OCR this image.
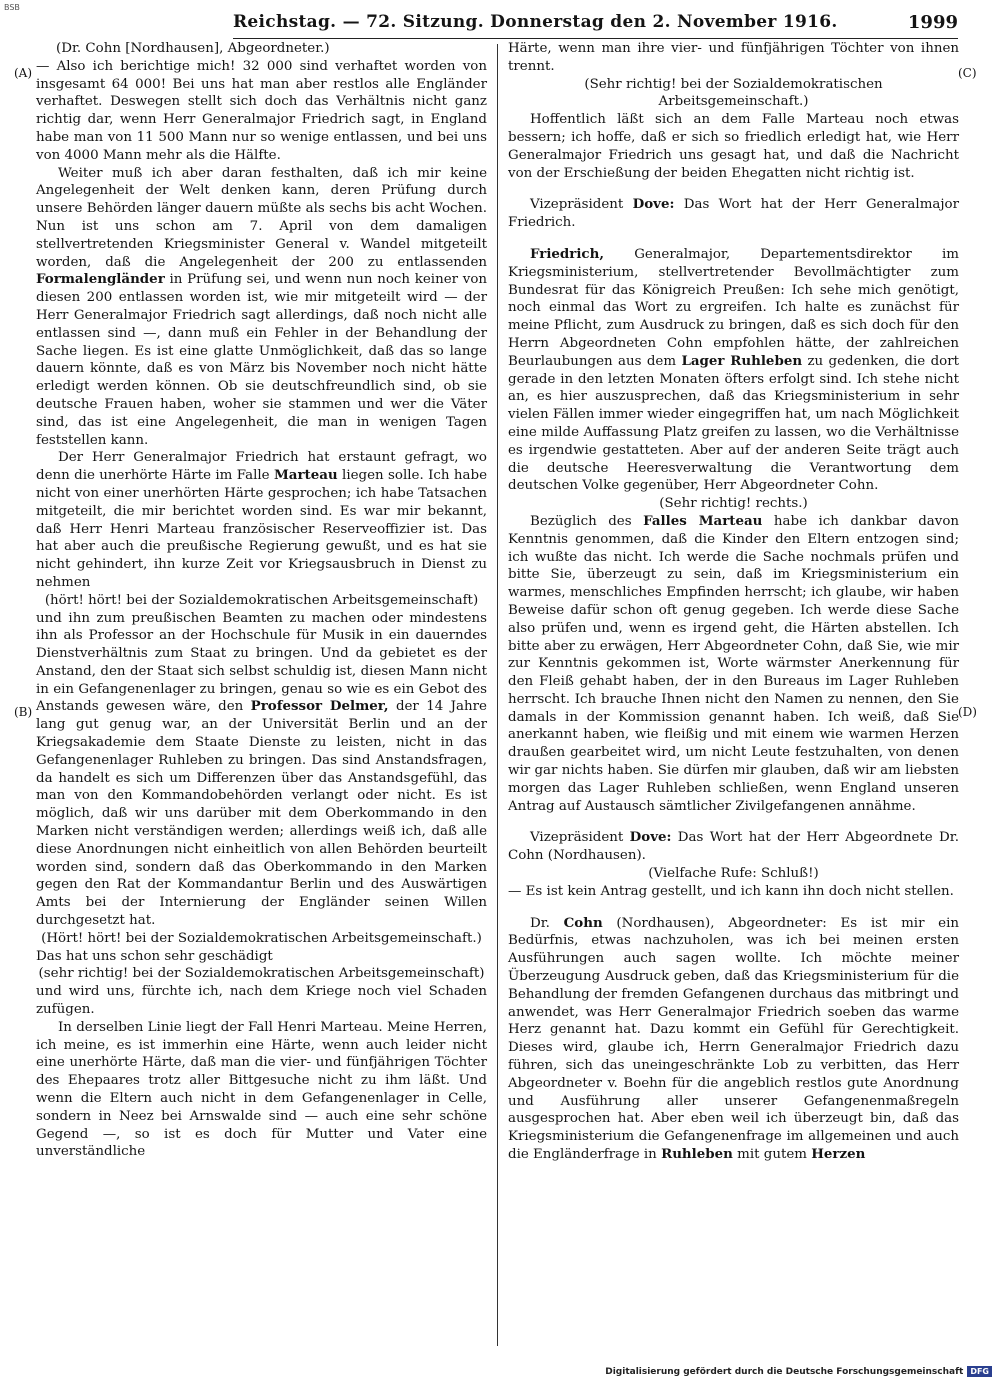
BSB
Reichstag. — 72. Sitzung. Donnerstag den 2. November 1916.	1999
(A)
(B)
(C)
(D)

(Dr. Cohn [Nordhausen], Abgeordneter.)

— Also ich berichtige mich! 32 000 sind verhaftet worden von insgesamt 64 000! Bei uns hat man aber restlos alle Engländer verhaftet. Deswegen stellt sich doch das Verhältnis nicht ganz richtig dar, wenn Herr Generalmajor Friedrich sagt, in England habe man von 11 500 Mann nur so wenige entlassen, und bei uns von 4000 Mann mehr als die Hälfte.

Weiter muß ich aber daran festhalten, daß ich mir keine Angelegenheit der Welt denken kann, deren Prüfung durch unsere Behörden länger dauern müßte als sechs bis acht Wochen. Nun ist uns schon am 7. April von dem damaligen stellvertretenden Kriegsminister General v. Wandel mitgeteilt worden, daß die Angelegenheit der 200 zu entlassenden Formalengländer in Prüfung sei, und wenn nun noch keiner von diesen 200 entlassen worden ist, wie mir mitgeteilt wird — der Herr Generalmajor Friedrich sagt allerdings, daß noch nicht alle entlassen sind —, dann muß ein Fehler in der Behandlung der Sache liegen. Es ist eine glatte Unmöglichkeit, daß das so lange dauern könnte, daß es von März bis November noch nicht hätte erledigt werden können. Ob sie deutschfreundlich sind, ob sie deutsche Frauen haben, woher sie stammen und wer die Väter sind, das ist eine Angelegenheit, die man in wenigen Tagen feststellen kann.

Der Herr Generalmajor Friedrich hat erstaunt gefragt, wo denn die unerhörte Härte im Falle Marteau liegen solle. Ich habe nicht von einer unerhörten Härte gesprochen; ich habe Tatsachen mitgeteilt, die mir berichtet worden sind. Es war mir bekannt, daß Herr Henri Marteau französischer Reserveoffizier ist. Das hat aber auch die preußische Regierung gewußt, und es hat sie nicht gehindert, ihn kurze Zeit vor Kriegsausbruch in Dienst zu nehmen

(hört! hört! bei der Sozialdemokratischen Arbeitsgemeinschaft)

und ihn zum preußischen Beamten zu machen oder mindestens ihn als Professor an der Hochschule für Musik in ein dauerndes Dienstverhältnis zum Staat zu bringen. Und da gebietet es der Anstand, den der Staat sich selbst schuldig ist, diesen Mann nicht in ein Gefangenenlager zu bringen, genau so wie es ein Gebot des Anstands gewesen wäre, den Professor Delmer, der 14 Jahre lang gut genug war, an der Universität Berlin und an der Kriegsakademie dem Staate Dienste zu leisten, nicht in das Gefangenenlager Ruhleben zu bringen. Das sind Anstandsfragen, da handelt es sich um Differenzen über das Anstandsgefühl, das man von den Kommandobehörden verlangt oder nicht. Es ist möglich, daß wir uns darüber mit dem Oberkommando in den Marken nicht verständigen werden; allerdings weiß ich, daß alle diese Anordnungen nicht einheitlich von allen Behörden beurteilt worden sind, sondern daß das Oberkommando in den Marken gegen den Rat der Kommandantur Berlin und des Auswärtigen Amts bei der Internierung der Engländer seinen Willen durchgesetzt hat.

(Hört! hört! bei der Sozialdemokratischen Arbeitsgemeinschaft.)

Das hat uns schon sehr geschädigt

(sehr richtig! bei der Sozialdemokratischen Arbeitsgemeinschaft)

und wird uns, fürchte ich, nach dem Kriege noch viel Schaden zufügen.

In derselben Linie liegt der Fall Henri Marteau. Meine Herren, ich meine, es ist immerhin eine Härte, wenn auch leider nicht eine unerhörte Härte, daß man die vier- und fünfjährigen Töchter des Ehepaares trotz aller Bittgesuche nicht zu ihm läßt. Und wenn die Eltern auch nicht in dem Gefangenenlager in Celle, sondern in Neez bei Arnswalde sind — auch eine sehr schöne Gegend —, so ist es doch für Mutter und Vater eine unverständliche

Härte, wenn man ihre vier- und fünfjährigen Töchter von ihnen trennt.

(Sehr richtig! bei der Sozialdemokratischen Arbeitsgemeinschaft.)

Hoffentlich läßt sich an dem Falle Marteau noch etwas bessern; ich hoffe, daß er sich so friedlich erledigt hat, wie Herr Generalmajor Friedrich uns gesagt hat, und daß die Nachricht von der Erschießung der beiden Ehegatten nicht richtig ist.

Vizepräsident Dove: Das Wort hat der Herr Generalmajor Friedrich.

Friedrich, Generalmajor, Departementsdirektor im Kriegsministerium, stellvertretender Bevollmächtigter zum Bundesrat für das Königreich Preußen: Ich sehe mich genötigt, noch einmal das Wort zu ergreifen. Ich halte es zunächst für meine Pflicht, zum Ausdruck zu bringen, daß es sich doch für den Herrn Abgeordneten Cohn empfohlen hätte, der zahlreichen Beurlaubungen aus dem Lager Ruhleben zu gedenken, die dort gerade in den letzten Monaten öfters erfolgt sind. Ich stehe nicht an, es hier auszusprechen, daß das Kriegsministerium in sehr vielen Fällen immer wieder eingegriffen hat, um nach Möglichkeit eine milde Auffassung Platz greifen zu lassen, wo die Verhältnisse es irgendwie gestatteten. Aber auf der anderen Seite trägt auch die deutsche Heeresverwaltung die Verantwortung dem deutschen Volke gegenüber, Herr Abgeordneter Cohn.

(Sehr richtig! rechts.)

Bezüglich des Falles Marteau habe ich dankbar davon Kenntnis genommen, daß die Kinder den Eltern entzogen sind; ich wußte das nicht. Ich werde die Sache nochmals prüfen und bitte Sie, überzeugt zu sein, daß im Kriegsministerium ein warmes, menschliches Empfinden herrscht; ich glaube, wir haben Beweise dafür schon oft genug gegeben. Ich werde diese Sache also prüfen und, wenn es irgend geht, die Härten abstellen. Ich bitte aber zu erwägen, Herr Abgeordneter Cohn, daß Sie, wie mir zur Kenntnis gekommen ist, Worte wärmster Anerkennung für den Fleiß gehabt haben, der in den Bureaus im Lager Ruhleben herrscht. Ich brauche Ihnen nicht den Namen zu nennen, den Sie damals in der Kommission genannt haben. Ich weiß, daß Sie anerkannt haben, wie fleißig und mit einem wie warmen Herzen draußen gearbeitet wird, um nicht Leute festzuhalten, von denen wir gar nichts haben. Sie dürfen mir glauben, daß wir am liebsten morgen das Lager Ruhleben schließen, wenn England unseren Antrag auf Austausch sämtlicher Zivilgefangenen annähme.

Vizepräsident Dove: Das Wort hat der Herr Abgeordnete Dr. Cohn (Nordhausen).

(Vielfache Rufe: Schluß!)

— Es ist kein Antrag gestellt, und ich kann ihn doch nicht stellen.

Dr. Cohn (Nordhausen), Abgeordneter: Es ist mir ein Bedürfnis, etwas nachzuholen, was ich bei meinen ersten Ausführungen auch sagen wollte. Ich möchte meiner Überzeugung Ausdruck geben, daß das Kriegsministerium für die Behandlung der fremden Gefangenen durchaus das mitbringt und anwendet, was Herr Generalmajor Friedrich soeben das warme Herz genannt hat. Dazu kommt ein Gefühl für Gerechtigkeit. Dieses wird, glaube ich, Herrn Generalmajor Friedrich dazu führen, sich das uneingeschränkte Lob zu verbitten, das Herr Abgeordneter v. Boehn für die angeblich restlos gute Anordnung und Ausführung aller unserer Gefangenenmaßregeln ausgesprochen hat. Aber eben weil ich überzeugt bin, daß das Kriegsministerium die Gefangenenfrage im allgemeinen und auch die Engländerfrage in Ruhleben mit gutem Herzen

Digitalisierung gefördert durch die Deutsche Forschungsgemeinschaft DFG
